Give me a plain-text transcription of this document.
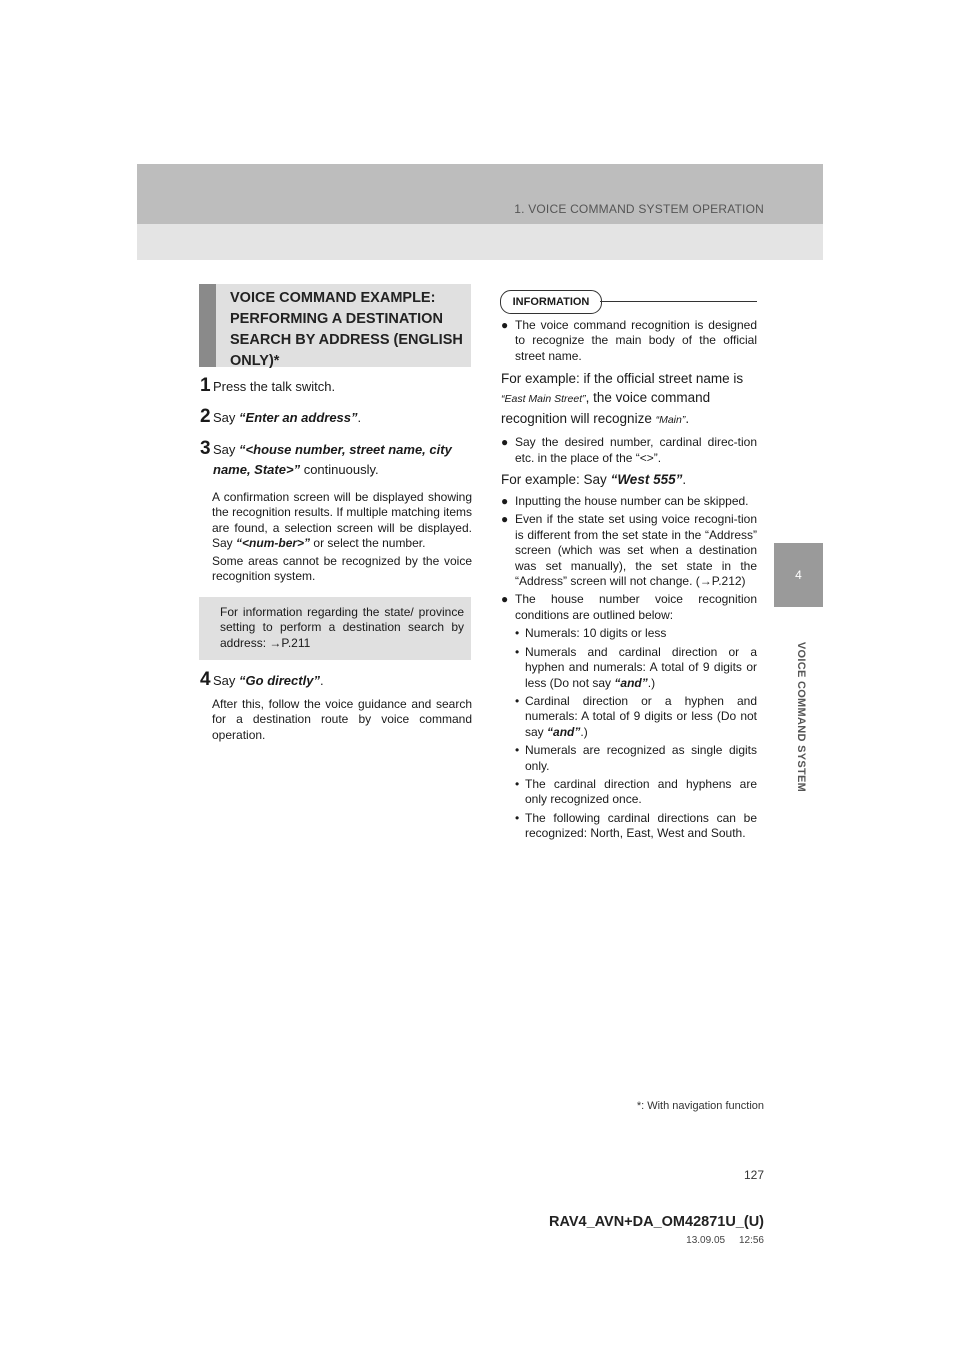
1. VOICE COMMAND SYSTEM OPERATION
4
VOICE COMMAND SYSTEM
VOICE COMMAND EXAMPLE: PERFORMING A DESTINATION SEARCH BY ADDRESS (ENGLISH ONLY)*
1 Press the talk switch.
2 Say “Enter an address”.
3 Say “<house number, street name, city name, State>” continuously.
A confirmation screen will be displayed showing the recognition results. If multiple matching items are found, a selection screen will be displayed. Say “<num-ber>” or select the number.
Some areas cannot be recognized by the voice recognition system.
For information regarding the state/ province setting to perform a destination search by address: →P.211
4 Say “Go directly”.
After this, follow the voice guidance and search for a destination route by voice command operation.
INFORMATION
● The voice command recognition is designed to recognize the main body of the official street name.
For example: if the official street name is “East Main Street”, the voice command recognition will recognize “Main”.
● Say the desired number, cardinal direc-tion etc. in the place of the “<>”.
For example: Say “West 555”.
● Inputting the house number can be skipped.
● Even if the state set using voice recogni-tion is different from the set state in the “Address” screen (which was set when a destination was set manually), the set state in the “Address” screen will not change. (→P.212)
● The house number voice recognition conditions are outlined below:
• Numerals: 10 digits or less
• Numerals and cardinal direction or a hyphen and numerals: A total of 9 digits or less (Do not say “and”.)
• Cardinal direction or a hyphen and numerals: A total of 9 digits or less (Do not say “and”.)
• Numerals are recognized as single digits only.
• The cardinal direction and hyphens are only recognized once.
• The following cardinal directions can be recognized: North, East, West and South.
*: With navigation function
127
RAV4_AVN+DA_OM42871U_(U)
13.09.05     12:56
